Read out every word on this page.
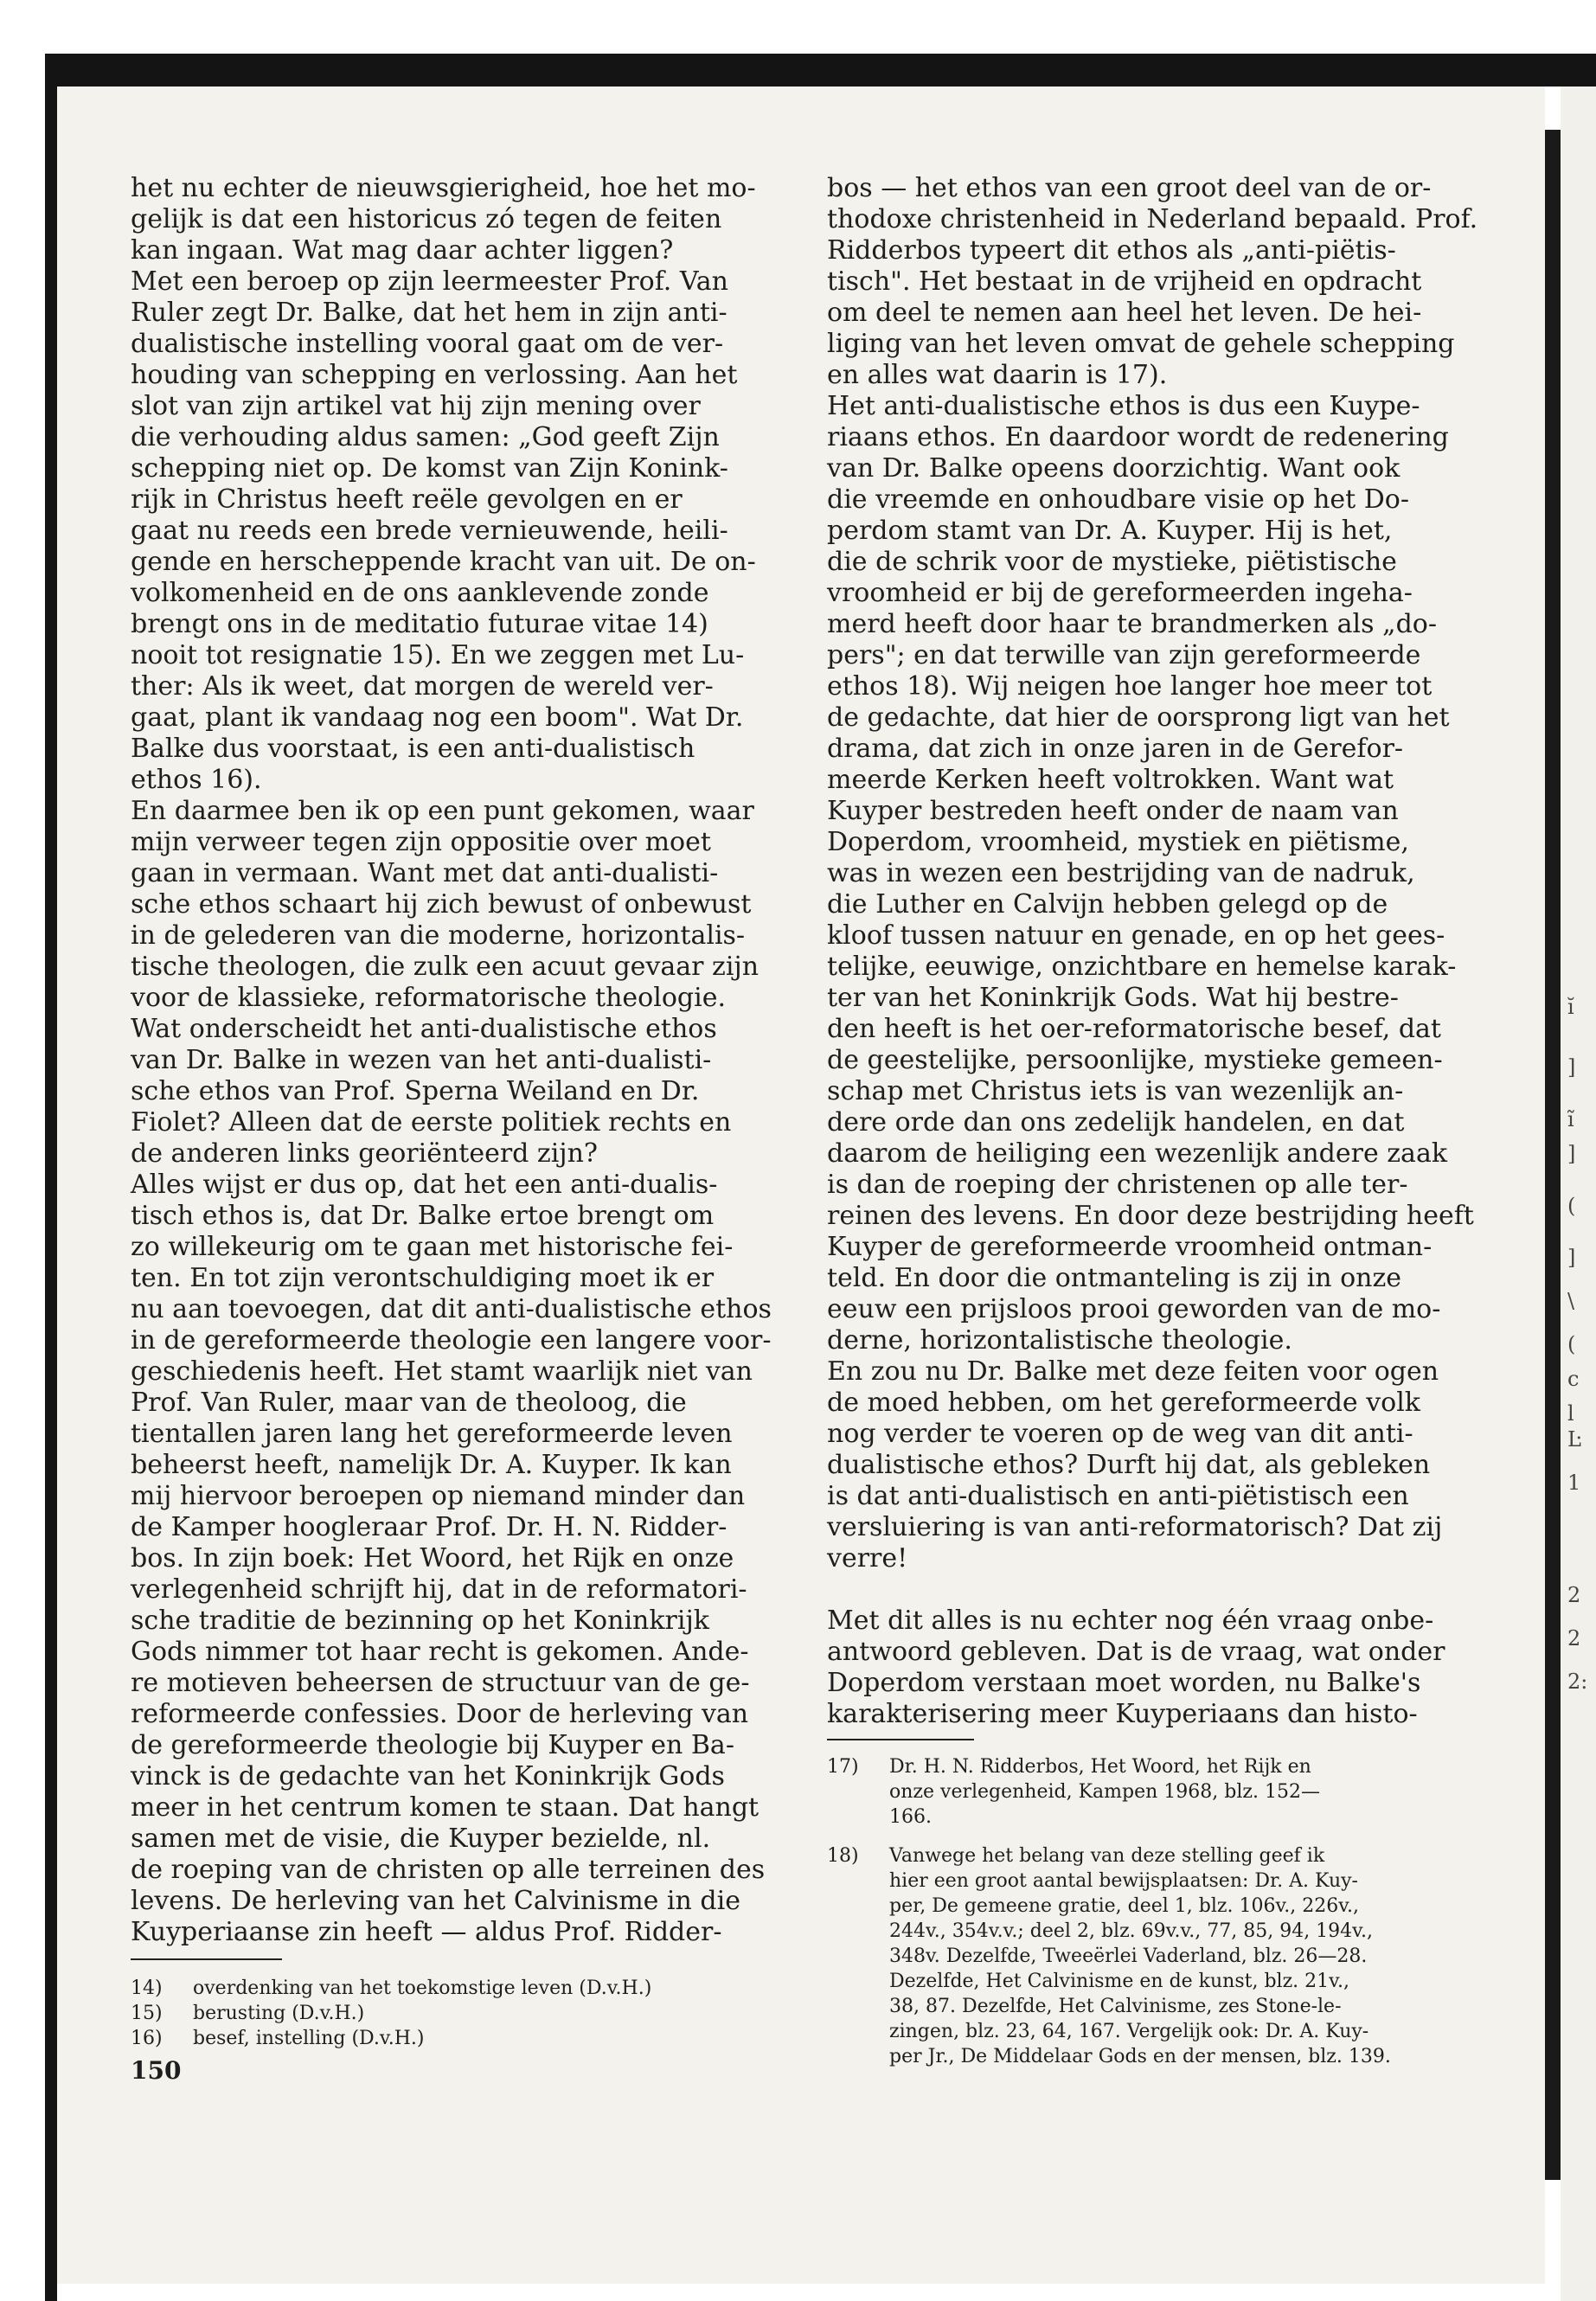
ĭ
]
ĩ
]
(
]
\
(
c
l
Ŀ
1
2
2
2:
het nu echter de nieuwsgierigheid, hoe het mo-
gelijk is dat een historicus zó tegen de feiten
kan ingaan. Wat mag daar achter liggen?
Met een beroep op zijn leermeester Prof. Van
Ruler zegt Dr. Balke, dat het hem in zijn anti-
dualistische instelling vooral gaat om de ver-
houding van schepping en verlossing. Aan het
slot van zijn artikel vat hij zijn mening over
die verhouding aldus samen: „God geeft Zijn
schepping niet op. De komst van Zijn Konink-
rijk in Christus heeft reële gevolgen en er
gaat nu reeds een brede vernieuwende, heili-
gende en herscheppende kracht van uit. De on-
volkomenheid en de ons aanklevende zonde
brengt ons in de meditatio futurae vitae 14)
nooit tot resignatie 15). En we zeggen met Lu-
ther: Als ik weet, dat morgen de wereld ver-
gaat, plant ik vandaag nog een boom". Wat Dr.
Balke dus voorstaat, is een anti-dualistisch
ethos 16).
En daarmee ben ik op een punt gekomen, waar
mijn verweer tegen zijn oppositie over moet
gaan in vermaan. Want met dat anti-dualisti-
sche ethos schaart hij zich bewust of onbewust
in de gelederen van die moderne, horizontalis-
tische theologen, die zulk een acuut gevaar zijn
voor de klassieke, reformatorische theologie.
Wat onderscheidt het anti-dualistische ethos
van Dr. Balke in wezen van het anti-dualisti-
sche ethos van Prof. Sperna Weiland en Dr.
Fiolet? Alleen dat de eerste politiek rechts en
de anderen links georiënteerd zijn?
Alles wijst er dus op, dat het een anti-dualis-
tisch ethos is, dat Dr. Balke ertoe brengt om
zo willekeurig om te gaan met historische fei-
ten. En tot zijn verontschuldiging moet ik er
nu aan toevoegen, dat dit anti-dualistische ethos
in de gereformeerde theologie een langere voor-
geschiedenis heeft. Het stamt waarlijk niet van
Prof. Van Ruler, maar van de theoloog, die
tientallen jaren lang het gereformeerde leven
beheerst heeft, namelijk Dr. A. Kuyper. Ik kan
mij hiervoor beroepen op niemand minder dan
de Kamper hoogleraar Prof. Dr. H. N. Ridder-
bos. In zijn boek: Het Woord, het Rijk en onze
verlegenheid schrijft hij, dat in de reformatori-
sche traditie de bezinning op het Koninkrijk
Gods nimmer tot haar recht is gekomen. Ande-
re motieven beheersen de structuur van de ge-
reformeerde confessies. Door de herleving van
de gereformeerde theologie bij Kuyper en Ba-
vinck is de gedachte van het Koninkrijk Gods
meer in het centrum komen te staan. Dat hangt
samen met de visie, die Kuyper bezielde, nl.
de roeping van de christen op alle terreinen des
levens. De herleving van het Calvinisme in die
Kuyperiaanse zin heeft — aldus Prof. Ridder-
14) overdenking van het toekomstige leven (D.v.H.)
15) berusting (D.v.H.)
16) besef, instelling (D.v.H.)
150
bos — het ethos van een groot deel van de or-
thodoxe christenheid in Nederland bepaald. Prof.
Ridderbos typeert dit ethos als „anti-piëtis-
tisch". Het bestaat in de vrijheid en opdracht
om deel te nemen aan heel het leven. De hei-
liging van het leven omvat de gehele schepping
en alles wat daarin is 17).
Het anti-dualistische ethos is dus een Kuype-
riaans ethos. En daardoor wordt de redenering
van Dr. Balke opeens doorzichtig. Want ook
die vreemde en onhoudbare visie op het Do-
perdom stamt van Dr. A. Kuyper. Hij is het,
die de schrik voor de mystieke, piëtistische
vroomheid er bij de gereformeerden ingeha-
merd heeft door haar te brandmerken als „do-
pers"; en dat terwille van zijn gereformeerde
ethos 18). Wij neigen hoe langer hoe meer tot
de gedachte, dat hier de oorsprong ligt van het
drama, dat zich in onze jaren in de Gerefor-
meerde Kerken heeft voltrokken. Want wat
Kuyper bestreden heeft onder de naam van
Doperdom, vroomheid, mystiek en piëtisme,
was in wezen een bestrijding van de nadruk,
die Luther en Calvijn hebben gelegd op de
kloof tussen natuur en genade, en op het gees-
telijke, eeuwige, onzichtbare en hemelse karak-
ter van het Koninkrijk Gods. Wat hij bestre-
den heeft is het oer-reformatorische besef, dat
de geestelijke, persoonlijke, mystieke gemeen-
schap met Christus iets is van wezenlijk an-
dere orde dan ons zedelijk handelen, en dat
daarom de heiliging een wezenlijk andere zaak
is dan de roeping der christenen op alle ter-
reinen des levens. En door deze bestrijding heeft
Kuyper de gereformeerde vroomheid ontman-
teld. En door die ontmanteling is zij in onze
eeuw een prijsloos prooi geworden van de mo-
derne, horizontalistische theologie.
En zou nu Dr. Balke met deze feiten voor ogen
de moed hebben, om het gereformeerde volk
nog verder te voeren op de weg van dit anti-
dualistische ethos? Durft hij dat, als gebleken
is dat anti-dualistisch en anti-piëtistisch een
versluiering is van anti-reformatorisch? Dat zij
verre!
Met dit alles is nu echter nog één vraag onbe-
antwoord gebleven. Dat is de vraag, wat onder
Doperdom verstaan moet worden, nu Balke's
karakterisering meer Kuyperiaans dan histo-
17) Dr. H. N. Ridderbos, Het Woord, het Rijk en
onze verlegenheid, Kampen 1968, blz. 152—
166.
18) Vanwege het belang van deze stelling geef ik
hier een groot aantal bewijsplaatsen: Dr. A. Kuy-
per, De gemeene gratie, deel 1, blz. 106v., 226v.,
244v., 354v.v.; deel 2, blz. 69v.v., 77, 85, 94, 194v.,
348v. Dezelfde, Tweeërlei Vaderland, blz. 26—28.
Dezelfde, Het Calvinisme en de kunst, blz. 21v.,
38, 87. Dezelfde, Het Calvinisme, zes Stone-le-
zingen, blz. 23, 64, 167. Vergelijk ook: Dr. A. Kuy-
per Jr., De Middelaar Gods en der mensen, blz. 139.
